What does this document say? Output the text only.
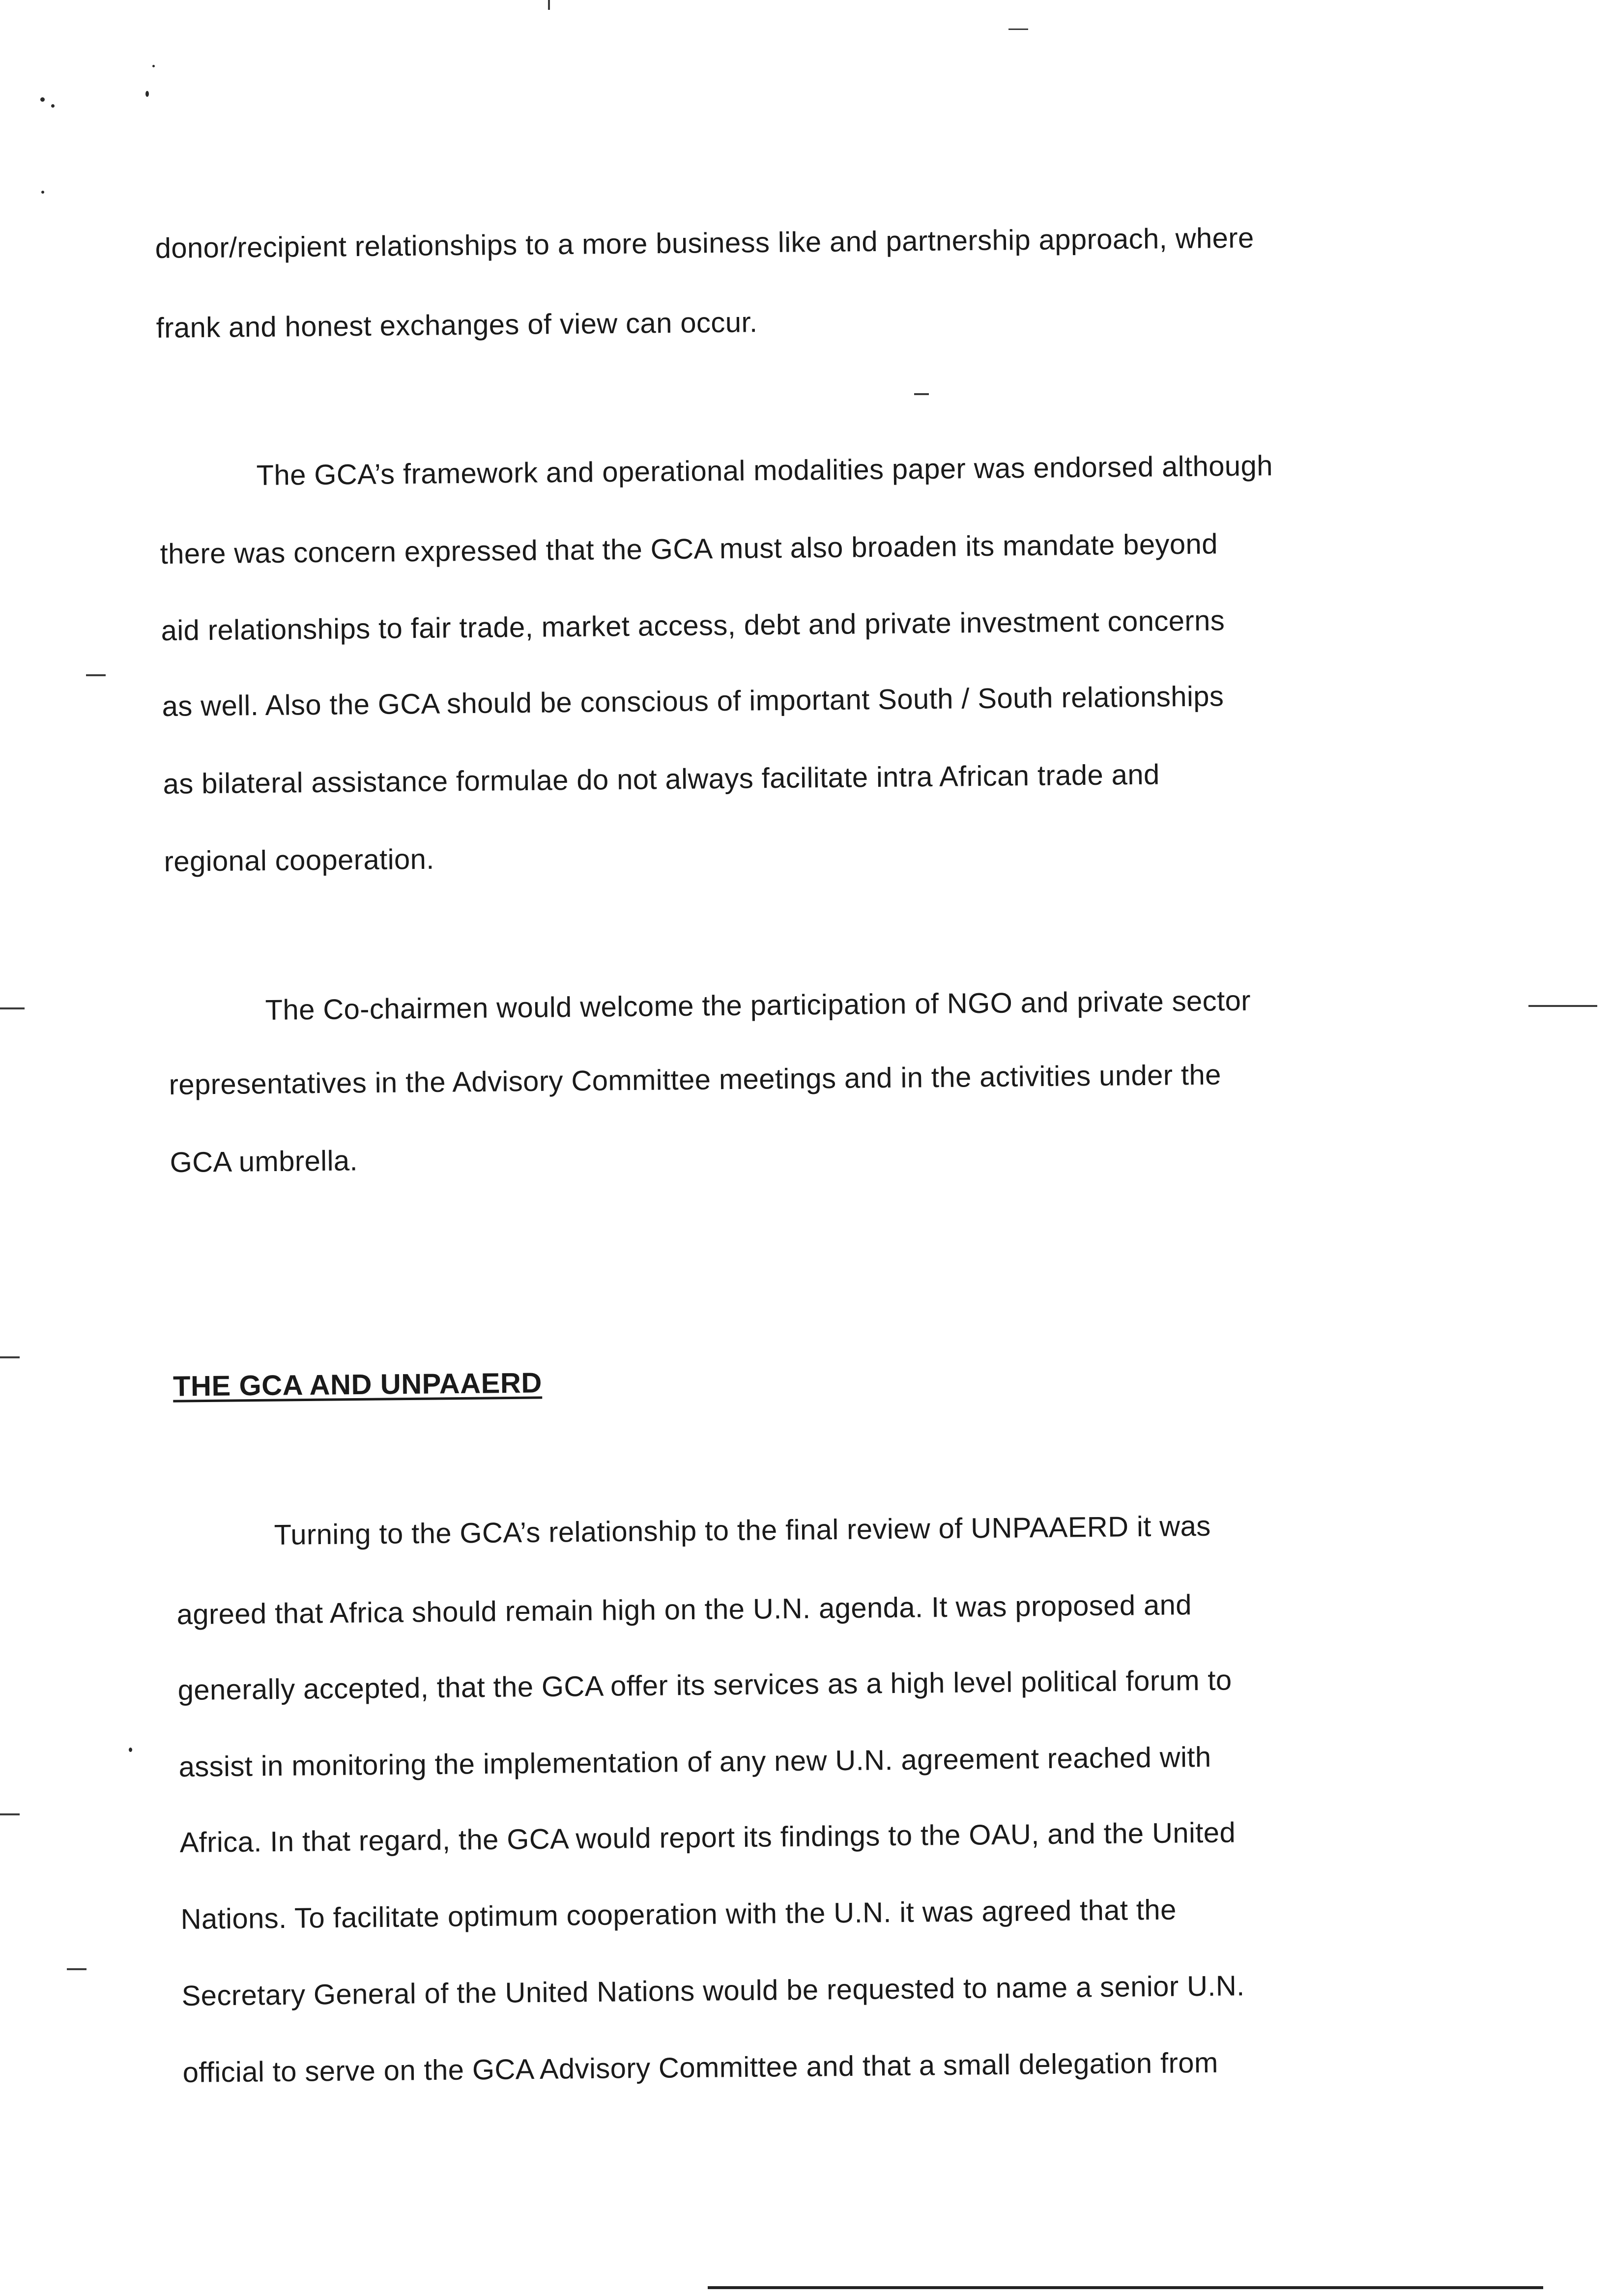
donor/recipient relationships to a more business like and partnership approach, where
frank and honest exchanges of view can occur.
The GCA’s framework and operational modalities paper was endorsed although
there was concern expressed that the GCA must also broaden its mandate beyond
aid relationships to fair trade, market access, debt and private investment concerns
as well. Also the GCA should be conscious of important South / South relationships
as bilateral assistance formulae do not always facilitate intra African trade and
regional cooperation.
The Co-chairmen would welcome the participation of NGO and private sector
representatives in the Advisory Committee meetings and in the activities under the
GCA umbrella.
THE GCA AND UNPAAERD
Turning to the GCA’s relationship to the final review of UNPAAERD it was
agreed that Africa should remain high on the U.N. agenda. It was proposed and
generally accepted, that the GCA offer its services as a high level political forum to
assist in monitoring the implementation of any new U.N. agreement reached with
Africa. In that regard, the GCA would report its findings to the OAU, and the United
Nations. To facilitate optimum cooperation with the U.N. it was agreed that the
Secretary General of the United Nations would be requested to name a senior U.N.
official to serve on the GCA Advisory Committee and that a small delegation from
